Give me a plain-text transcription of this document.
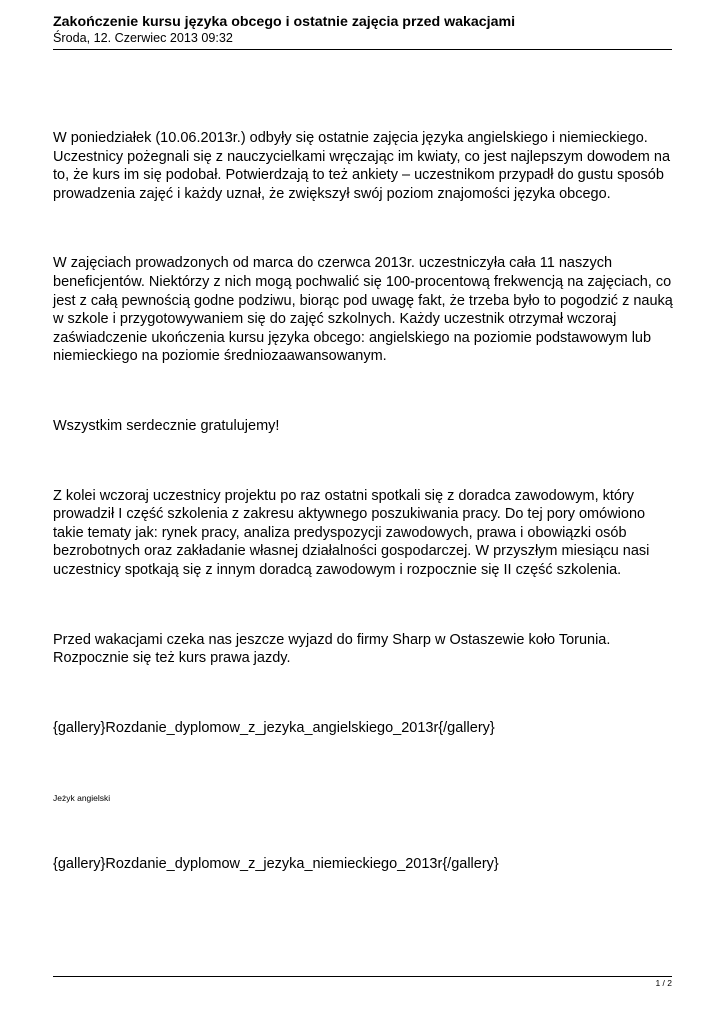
Zakończenie kursu języka obcego i ostatnie zajęcia przed wakacjami
Środa, 12. Czerwiec 2013 09:32

W poniedziałek (10.06.2013r.) odbyły się ostatnie zajęcia języka angielskiego i niemieckiego. Uczestnicy pożegnali się z nauczycielkami wręczając im kwiaty, co jest najlepszym dowodem na to, że kurs im się podobał. Potwierdzają to też ankiety – uczestnikom przypadł do gustu sposób prowadzenia zajęć i każdy uznał, że zwiększył swój poziom znajomości języka obcego.

W zajęciach prowadzonych od marca do czerwca 2013r. uczestniczyła cała 11 naszych beneficjentów. Niektórzy z nich mogą pochwalić się 100-procentową frekwencją na zajęciach, co jest z całą pewnością godne podziwu, biorąc pod uwagę fakt, że trzeba było to pogodzić z nauką w szkole i przygotowywaniem się do zajęć szkolnych. Każdy uczestnik otrzymał wczoraj zaświadczenie ukończenia kursu języka obcego: angielskiego na poziomie podstawowym lub niemieckiego na poziomie średniozaawansowanym.

Wszystkim serdecznie gratulujemy!

Z kolei wczoraj uczestnicy projektu po raz ostatni spotkali się z doradca zawodowym, który prowadził I część szkolenia z zakresu aktywnego poszukiwania pracy. Do tej pory omówiono takie tematy jak: rynek pracy, analiza predyspozycji zawodowych, prawa i obowiązki osób bezrobotnych oraz zakładanie własnej działalności gospodarczej. W przyszłym miesiącu nasi uczestnicy spotkają się z innym doradcą zawodowym i rozpocznie się II część szkolenia.

Przed wakacjami czeka nas jeszcze wyjazd do firmy Sharp w Ostaszewie koło Torunia. Rozpocznie się też kurs prawa jazdy.

{gallery}Rozdanie_dyplomow_z_jezyka_angielskiego_2013r{/gallery}

Jeżyk angielski

{gallery}Rozdanie_dyplomow_z_jezyka_niemieckiego_2013r{/gallery}

1 / 2
